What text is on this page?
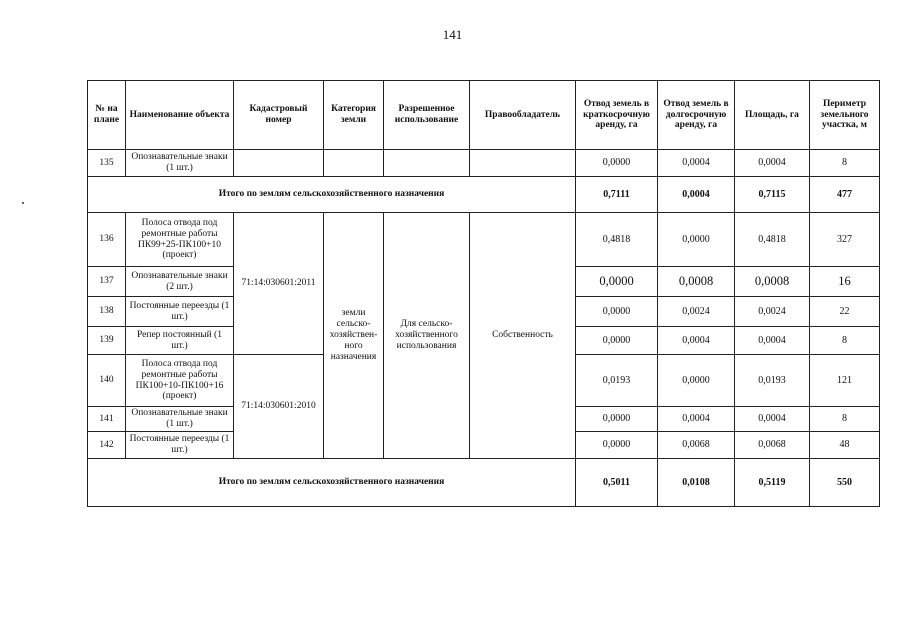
141
№ на плане	Наименование объекта	Кадастровый номер	Категория земли	Разрешенное использование	Правообладатель	Отвод земель в краткосрочную аренду, га	Отвод земель в долгосрочную аренду, га	Площадь, га	Периметр земельного участка, м
135	Опознавательные знаки (1 шт.)					0,0000	0,0004	0,0004	8
Итого по землям сельскохозяйственного назначения						0,7111	0,0004	0,7115	477
136	Полоса отвода под ремонтные работы ПК99+25-ПК100+10 (проект)	71:14:030601:2011	земли сельско-хозяйствен-ного назначения	Для сельско-хозяйственного использования	Собственность	0,4818	0,0000	0,4818	327
137	Опознавательные знаки (2 шт.)					0,0000	0,0008	0,0008	16
138	Постоянные переезды (1 шт.)					0,0000	0,0024	0,0024	22
139	Репер постоянный (1 шт.)					0,0000	0,0004	0,0004	8
140	Полоса отвода под ремонтные работы ПК100+10-ПК100+16 (проект)	71:14:030601:2010				0,0193	0,0000	0,0193	121
141	Опознавательные знаки (1 шт.)					0,0000	0,0004	0,0004	8
142	Постоянные переезды (1 шт.)					0,0000	0,0068	0,0068	48
Итого по землям сельскохозяйственного назначения						0,5011	0,0108	0,5119	550
